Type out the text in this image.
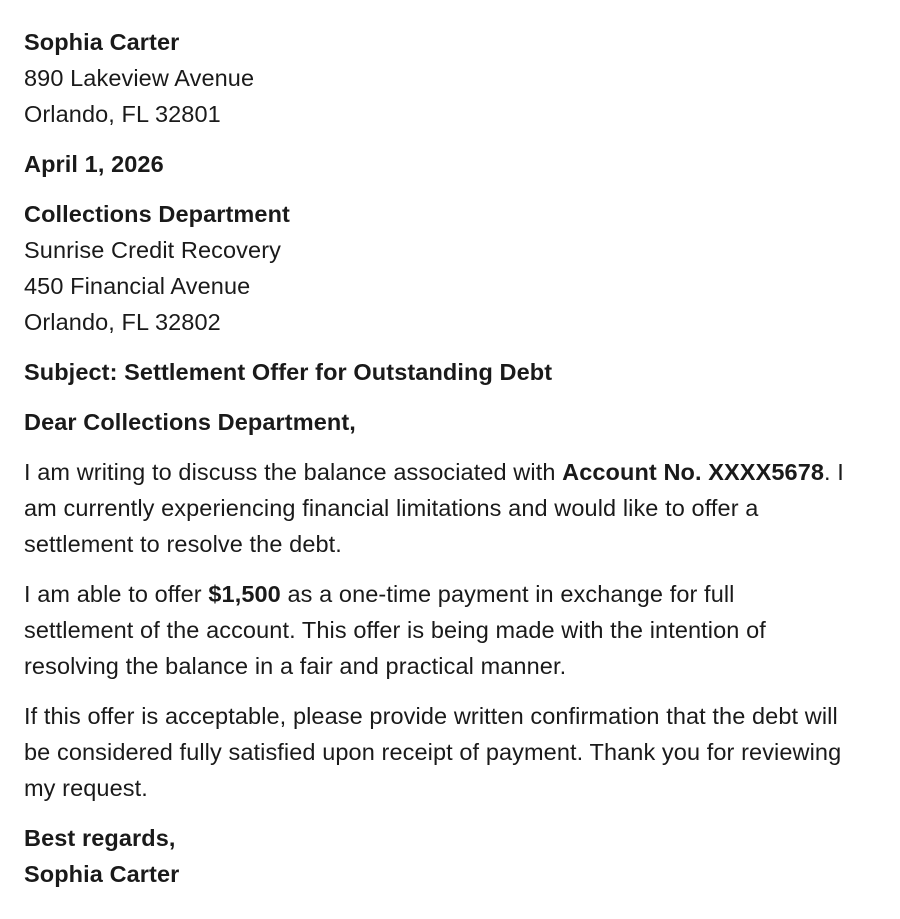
Sophia Carter
890 Lakeview Avenue
Orlando, FL 32801
April 1, 2026
Collections Department
Sunrise Credit Recovery
450 Financial Avenue
Orlando, FL 32802
Subject: Settlement Offer for Outstanding Debt
Dear Collections Department,

I am writing to discuss the balance associated with Account No. XXXX5678. I am currently experiencing financial limitations and would like to offer a settlement to resolve the debt.

I am able to offer $1,500 as a one-time payment in exchange for full settlement of the account. This offer is being made with the intention of resolving the balance in a fair and practical manner.

If this offer is acceptable, please provide written confirmation that the debt will be considered fully satisfied upon receipt of payment. Thank you for reviewing my request.

Best regards,
Sophia Carter
